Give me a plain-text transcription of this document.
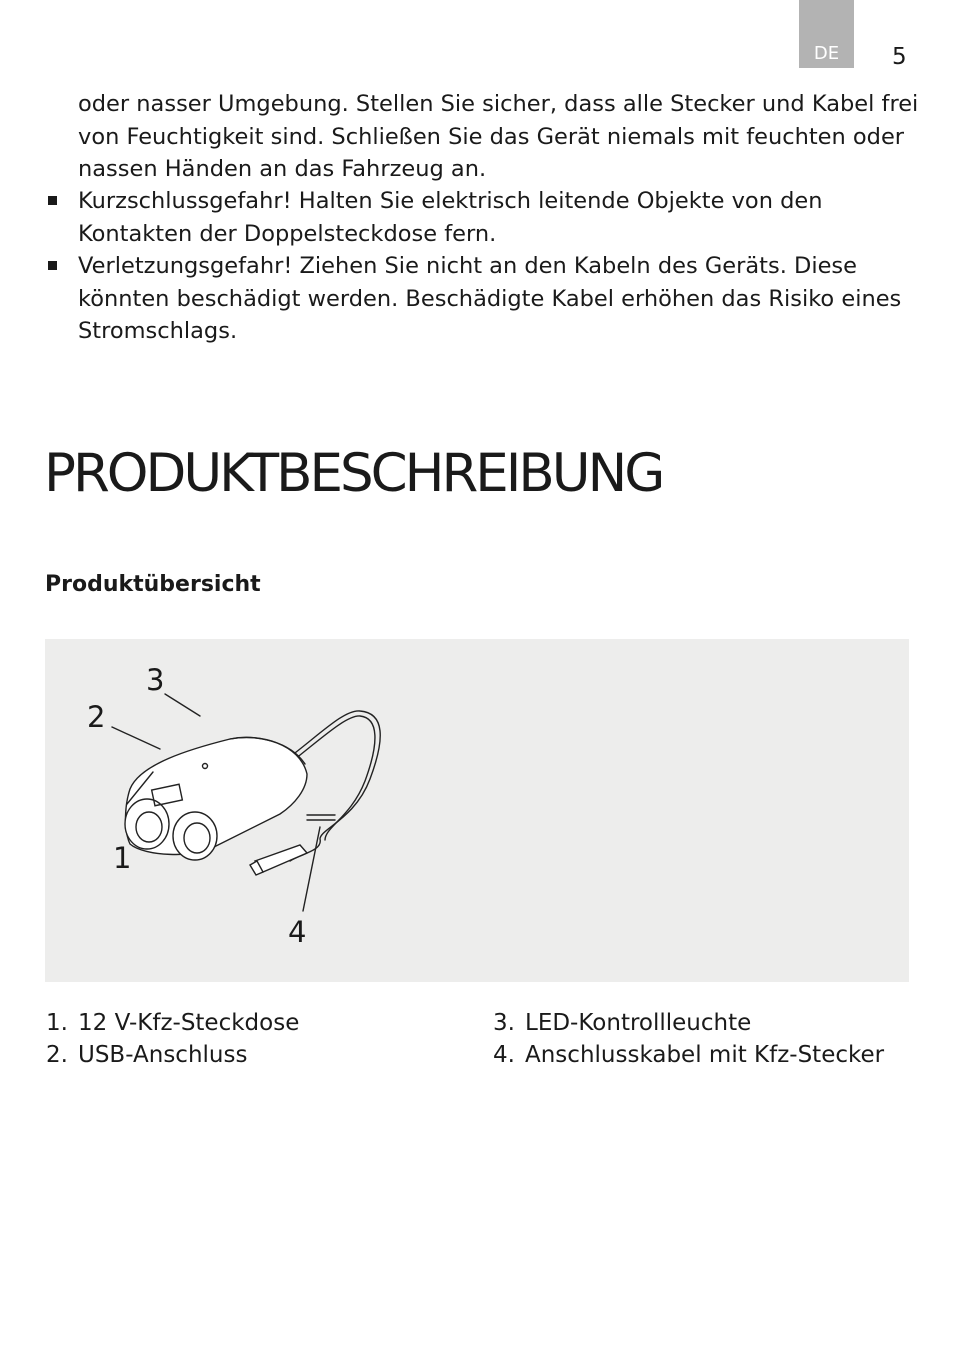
DE 5

oder nasser Umgebung. Stellen Sie sicher, dass alle Stecker und Kabel frei von Feuchtigkeit sind. Schließen Sie das Gerät niemals mit feuchten oder nassen Händen an das Fahrzeug an.

Kurzschlussgefahr! Halten Sie elektrisch leitende Objekte von den Kontakten der Doppelsteckdose fern.
Verletzungsgefahr! Ziehen Sie nicht an den Kabeln des Geräts. Diese könnten beschädigt werden. Beschädigte Kabel erhöhen das Risiko eines Stromschlags.
PRODUKTBESCHREIBUNG
Produktübersicht
3
2
1
4
1. 12 V-Kfz-Steckdose
2. USB-Anschluss
3. LED-Kontrollleuchte
4. Anschlusskabel mit Kfz-Stecker
